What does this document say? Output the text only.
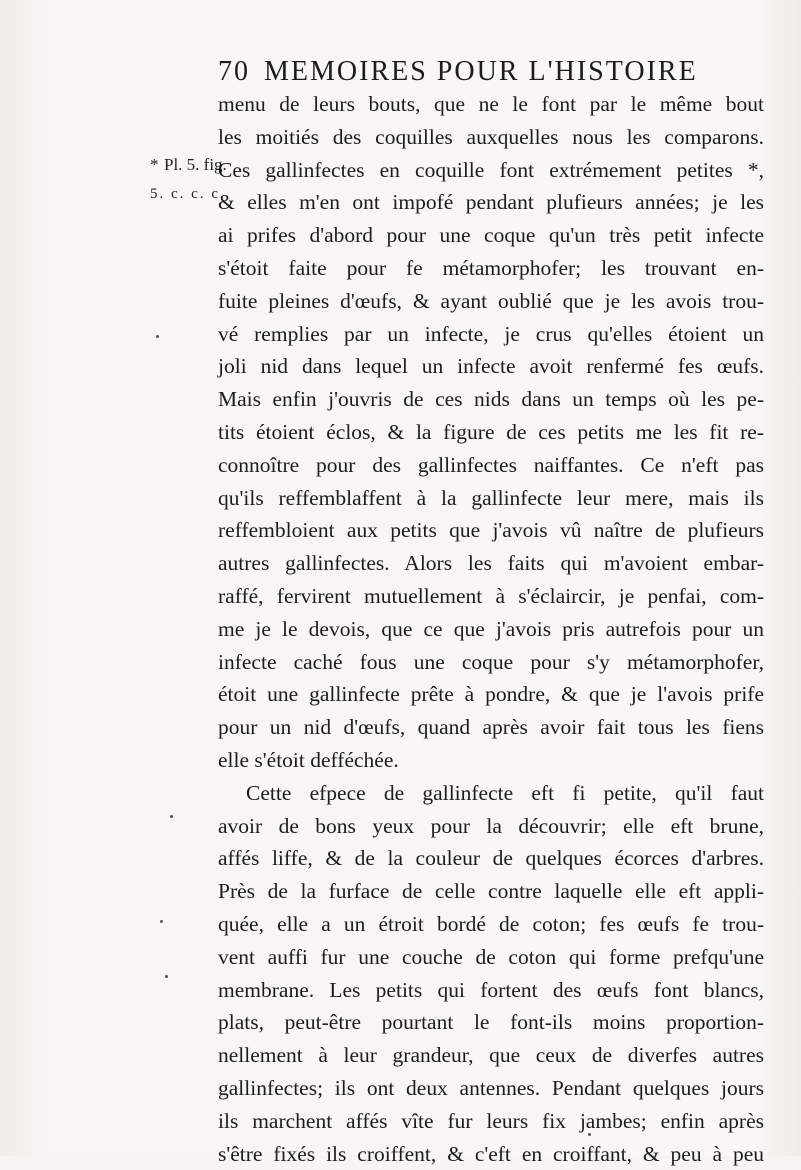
70 MEMOIRES POUR L'HISTOIRE
* Pl. 5. fig.
5. c. c. c.
menu de leurs bouts, que ne le font par le même bout
les moitiés des coquilles auxquelles nous les comparons.
Ces gallinfectes en coquille font extrémement petites *,
& elles m'en ont impofé pendant plufieurs années; je les
ai prifes d'abord pour une coque qu'un très petit infecte
s'étoit faite pour fe métamorphofer; les trouvant en-
fuite pleines d'œufs, & ayant oublié que je les avois trou-
vé remplies par un infecte, je crus qu'elles étoient un
joli nid dans lequel un infecte avoit renfermé fes œufs.
Mais enfin j'ouvris de ces nids dans un temps où les pe-
tits étoient éclos, & la figure de ces petits me les fit re-
connoître pour des gallinfectes naiffantes. Ce n'eft pas
qu'ils reffemblaffent à la gallinfecte leur mere, mais ils
reffembloient aux petits que j'avois vû naître de plufieurs
autres gallinfectes. Alors les faits qui m'avoient embar-
raffé, fervirent mutuellement à s'éclaircir, je penfai, com-
me je le devois, que ce que j'avois pris autrefois pour un
infecte caché fous une coque pour s'y métamorphofer,
étoit une gallinfecte prête à pondre, & que je l'avois prife
pour un nid d'œufs, quand après avoir fait tous les fiens
elle s'étoit defféchée.
Cette efpece de gallinfecte eft fi petite, qu'il faut
avoir de bons yeux pour la découvrir; elle eft brune,
affés liffe, & de la couleur de quelques écorces d'arbres.
Près de la furface de celle contre laquelle elle eft appli-
quée, elle a un étroit bordé de coton; fes œufs fe trou-
vent auffi fur une couche de coton qui forme prefqu'une
membrane. Les petits qui fortent des œufs font blancs,
plats, peut-être pourtant le font-ils moins proportion-
nellement à leur grandeur, que ceux de diverfes autres
gallinfectes; ils ont deux antennes. Pendant quelques jours
ils marchent affés vîte fur leurs fix jambes; enfin après
s'être fixés ils croiffent, & c'eft en croiffant, & peu à peu
